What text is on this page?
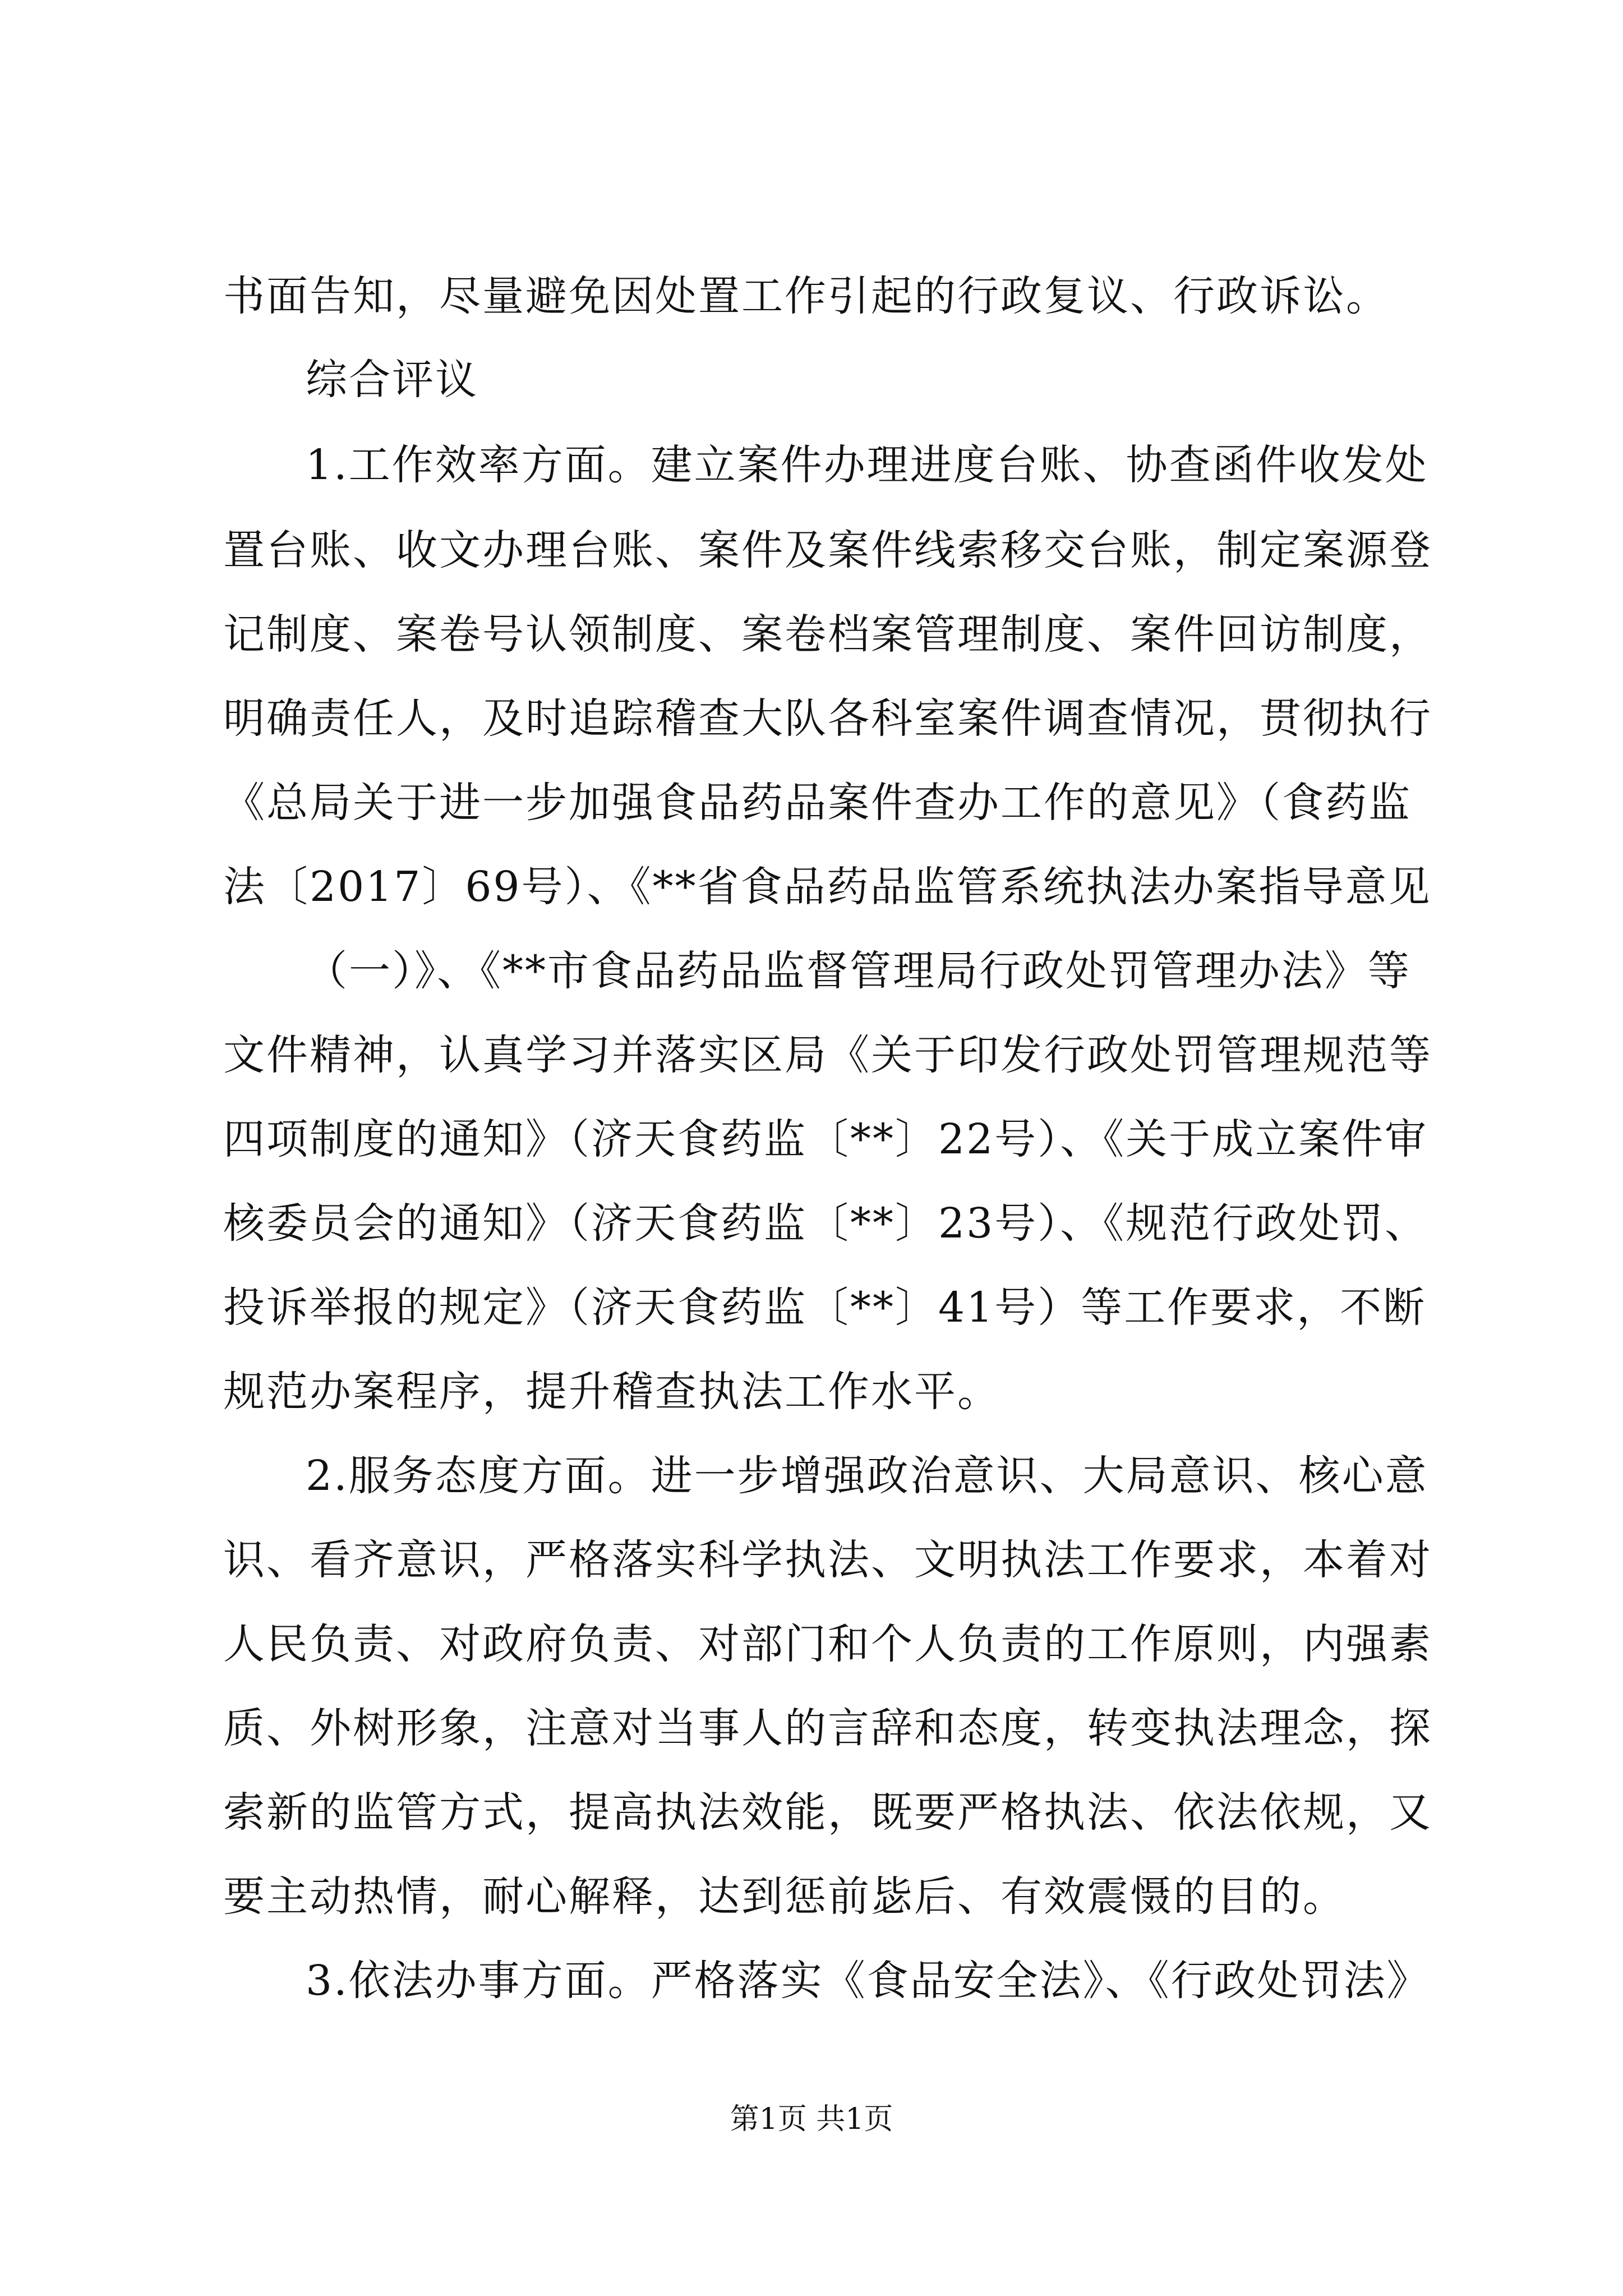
书面告知，尽量避免因处置工作引起的行政复议、行政诉讼。
综合评议
1.工作效率方面。建立案件办理进度台账、协查函件收发处
置台账、收文办理台账、案件及案件线索移交台账，制定案源登
记制度、案卷号认领制度、案卷档案管理制度、案件回访制度，
明确责任人，及时追踪稽查大队各科室案件调查情况，贯彻执行
《总局关于进一步加强食品药品案件查办工作的意见》（食药监
法〔2017〕69号）、《**省食品药品监管系统执法办案指导意见
（一）》、《**市食品药品监督管理局行政处罚管理办法》等
文件精神，认真学习并落实区局《关于印发行政处罚管理规范等
四项制度的通知》（济天食药监〔**〕22号）、《关于成立案件审
核委员会的通知》（济天食药监〔**〕23号）、《规范行政处罚、
投诉举报的规定》（济天食药监〔**〕41号）等工作要求，不断
规范办案程序，提升稽查执法工作水平。
2.服务态度方面。进一步增强政治意识、大局意识、核心意
识、看齐意识，严格落实科学执法、文明执法工作要求，本着对
人民负责、对政府负责、对部门和个人负责的工作原则，内强素
质、外树形象，注意对当事人的言辞和态度，转变执法理念，探
索新的监管方式，提高执法效能，既要严格执法、依法依规，又
要主动热情，耐心解释，达到惩前毖后、有效震慑的目的。
3.依法办事方面。严格落实《食品安全法》、《行政处罚法》
第1页 共1页
